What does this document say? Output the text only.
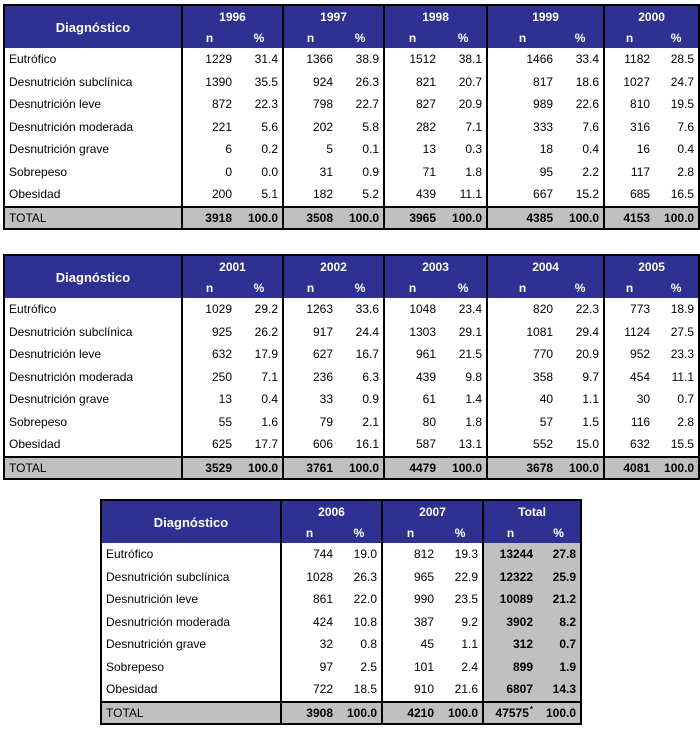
Diagnóstico	1996		1997		1998		1999		2000	
	n	%	n	%	n	%	n	%	n	%
Eutrófico	1229	31.4	1366	38.9	1512	38.1	1466	33.4	1182	28.5
Desnutrición subclínica	1390	35.5	924	26.3	821	20.7	817	18.6	1027	24.7
Desnutrición leve	872	22.3	798	22.7	827	20.9	989	22.6	810	19.5
Desnutrición moderada	221	5.6	202	5.8	282	7.1	333	7.6	316	7.6
Desnutrición grave	6	0.2	5	0.1	13	0.3	18	0.4	16	0.4
Sobrepeso	0	0.0	31	0.9	71	1.8	95	2.2	117	2.8
Obesidad	200	5.1	182	5.2	439	11.1	667	15.2	685	16.5
TOTAL	3918	100.0	3508	100.0	3965	100.0	4385	100.0	4153	100.0
Diagnóstico	2001		2002		2003		2004		2005	
	n	%	n	%	n	%	n	%	n	%
Eutrófico	1029	29.2	1263	33.6	1048	23.4	820	22.3	773	18.9
Desnutrición subclínica	925	26.2	917	24.4	1303	29.1	1081	29.4	1124	27.5
Desnutrición leve	632	17.9	627	16.7	961	21.5	770	20.9	952	23.3
Desnutrición moderada	250	7.1	236	6.3	439	9.8	358	9.7	454	11.1
Desnutrición grave	13	0.4	33	0.9	61	1.4	40	1.1	30	0.7
Sobrepeso	55	1.6	79	2.1	80	1.8	57	1.5	116	2.8
Obesidad	625	17.7	606	16.1	587	13.1	552	15.0	632	15.5
TOTAL	3529	100.0	3761	100.0	4479	100.0	3678	100.0	4081	100.0
Diagnóstico	2006		2007		Total	
	n	%	n	%	n	%
Eutrófico	744	19.0	812	19.3	13244	27.8
Desnutrición subclínica	1028	26.3	965	22.9	12322	25.9
Desnutrición leve	861	22.0	990	23.5	10089	21.2
Desnutrición moderada	424	10.8	387	9.2	3902	8.2
Desnutrición grave	32	0.8	45	1.1	312	0.7
Sobrepeso	97	2.5	101	2.4	899	1.9
Obesidad	722	18.5	910	21.6	6807	14.3
TOTAL	3908	100.0	4210	100.0	47575*	100.0
